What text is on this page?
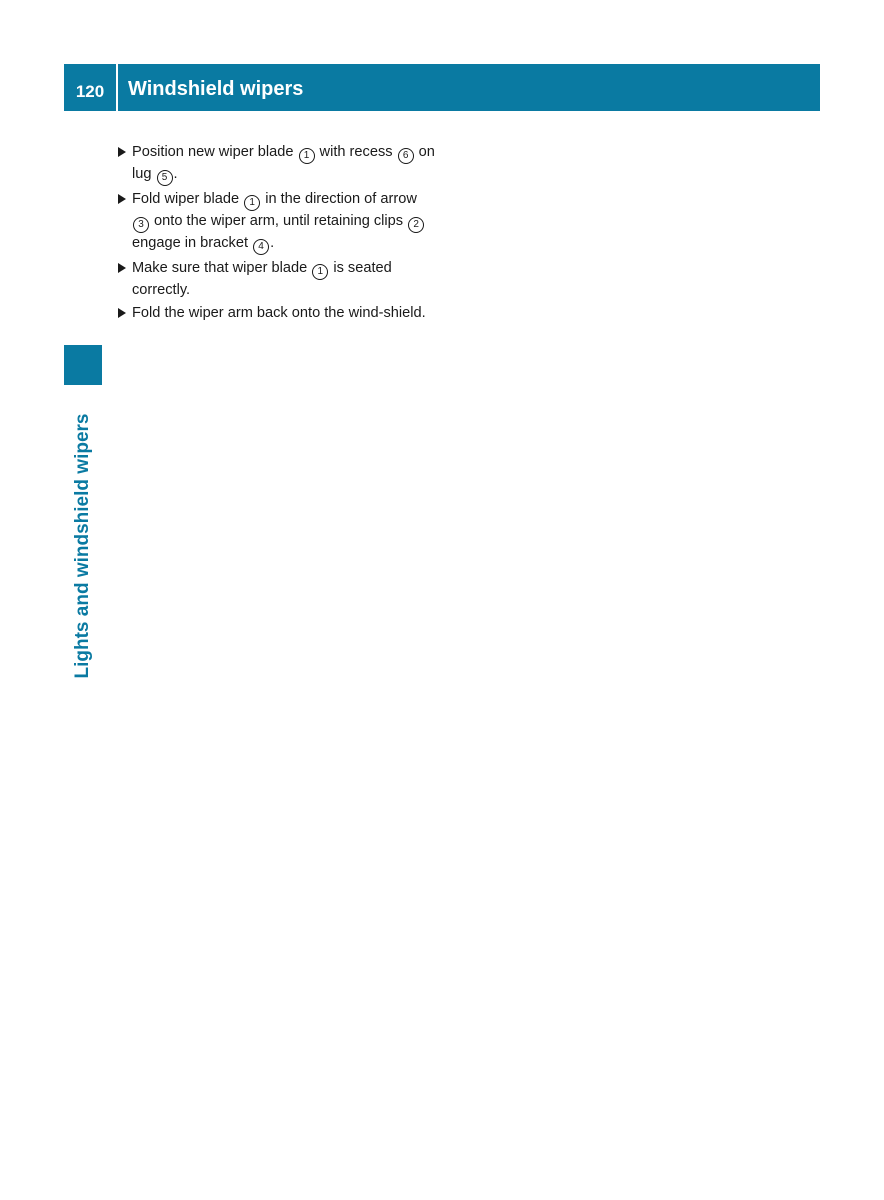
120	Windshield wipers
Lights and windshield wipers
Position new wiper blade 1 with recess 6 on lug 5 .
Fold wiper blade 1 in the direction of arrow 3 onto the wiper arm, until retaining clips 2 engage in bracket 4 .
Make sure that wiper blade 1 is seated correctly.
Fold the wiper arm back onto the wind-shield.
